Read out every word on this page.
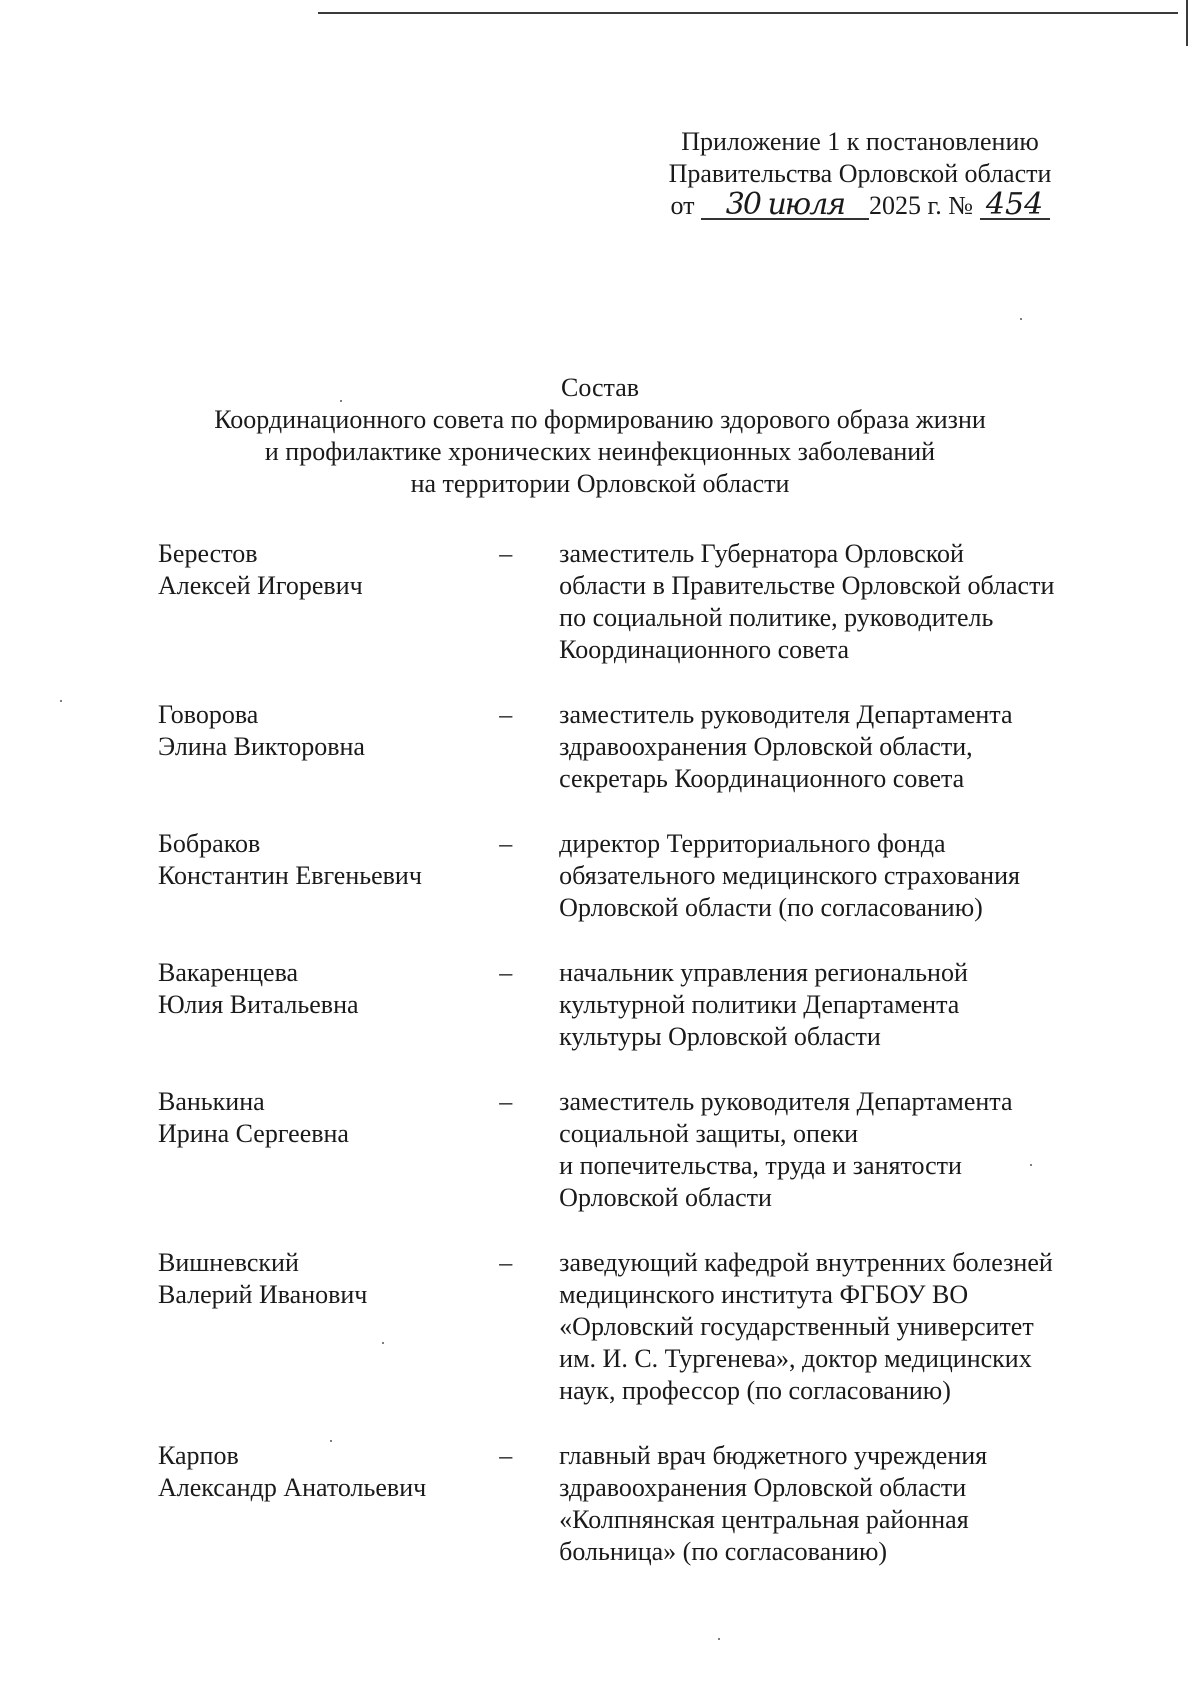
Приложение 1 к постановлению
Правительства Орловской области
от 30 июля 2025 г. № 454
Состав
Координационного совета по формированию здорового образа жизни
и профилактике хронических неинфекционных заболеваний
на территории Орловской области
Берестов
Алексей Игоревич
–	заместитель Губернатора Орловской
области в Правительстве Орловской области
по социальной политике, руководитель
Координационного совета
Говорова
Элина Викторовна
–	заместитель руководителя Департамента
здравоохранения Орловской области,
секретарь Координационного совета
Бобраков
Константин Евгеньевич
–	директор Территориального фонда
обязательного медицинского страхования
Орловской области (по согласованию)
Вакаренцева
Юлия Витальевна
–	начальник управления региональной
культурной политики Департамента
культуры Орловской области
Ванькина
Ирина Сергеевна
–	заместитель руководителя Департамента
социальной защиты, опеки
и попечительства, труда и занятости
Орловской области
Вишневский
Валерий Иванович
–	заведующий кафедрой внутренних болезней
медицинского института ФГБОУ ВО
«Орловский государственный университет
им. И. С. Тургенева», доктор медицинских
наук, профессор (по согласованию)
Карпов
Александр Анатольевич
–	главный врач бюджетного учреждения
здравоохранения Орловской области
«Колпнянская центральная районная
больница» (по согласованию)
